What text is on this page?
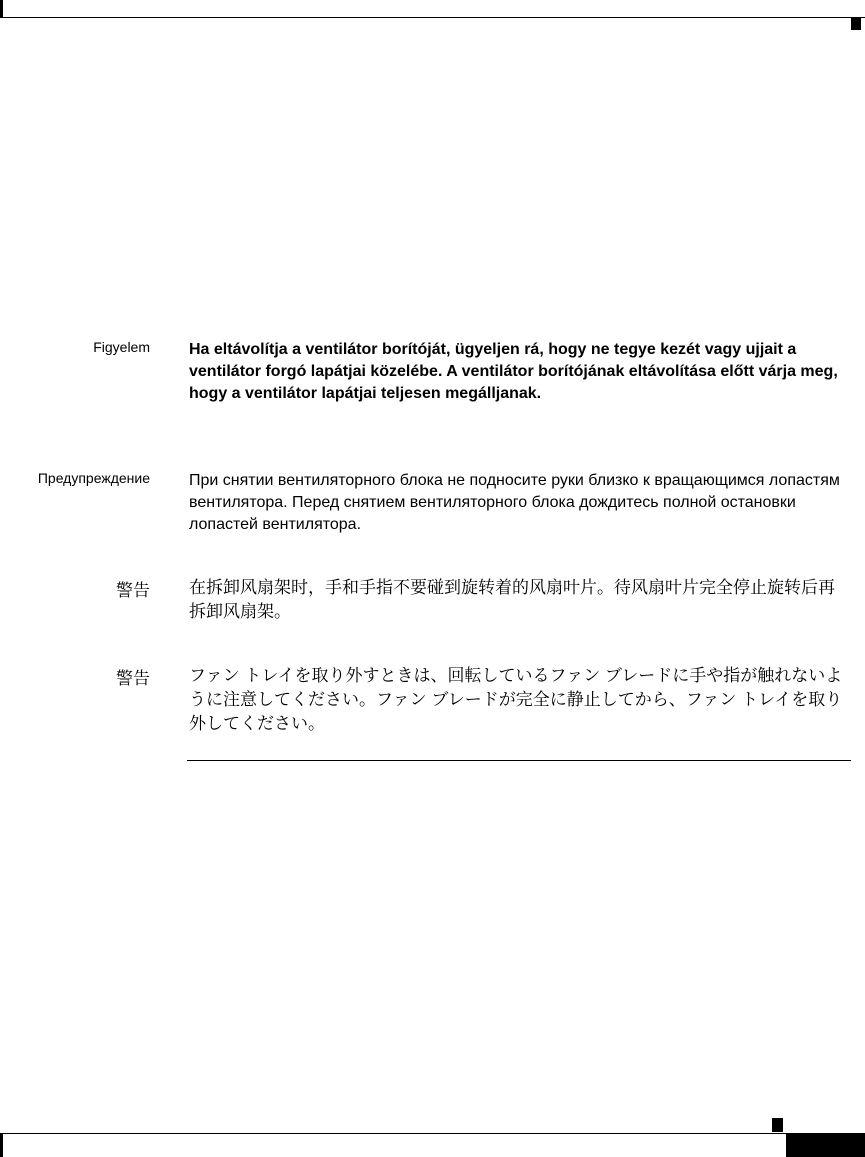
Figyelem Ha eltávolítja a ventilátor borítóját, ügyeljen rá, hogy ne tegye kezét vagy ujjait a ventilátor forgó lapátjai közelébe. A ventilátor borítójának eltávolítása előtt várja meg, hogy a ventilátor lapátjai teljesen megálljanak.
Предупреждение При снятии вентиляторного блока не подносите руки близко к вращающимся лопастям вентилятора. Перед снятием вентиляторного блока дождитесь полной остановки лопастей вентилятора.
警告 在拆卸风扇架时，手和手指不要碰到旋转着的风扇叶片。待风扇叶片完全停止旋转后再拆卸风扇架。
警告 ファン トレイを取り外すときは、回転しているファン ブレードに手や指が触れないように注意してください。ファン ブレードが完全に静止してから、ファン トレイを取り外してください。
